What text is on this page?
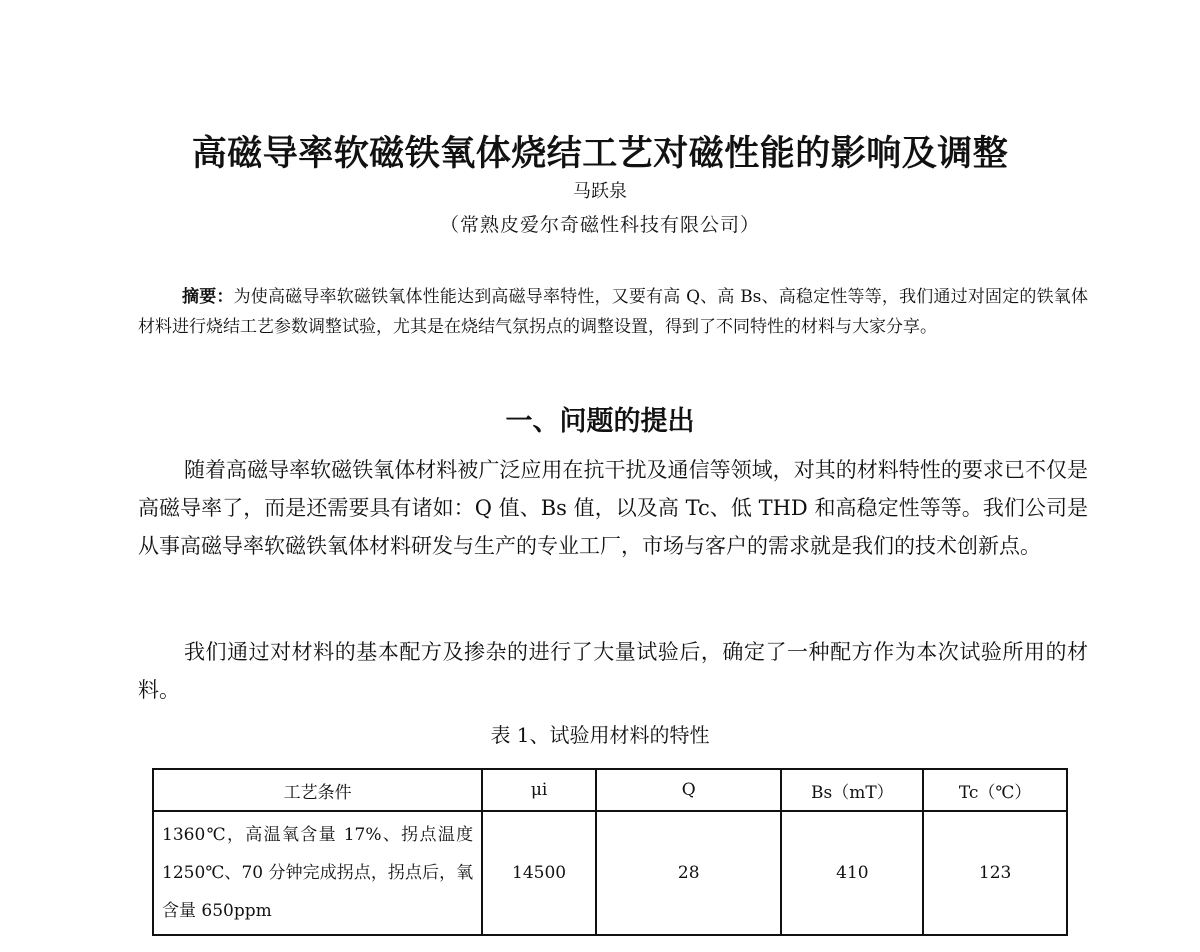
高磁导率软磁铁氧体烧结工艺对磁性能的影响及调整
马跃泉
（常熟皮爱尔奇磁性科技有限公司）
摘要：为使高磁导率软磁铁氧体性能达到高磁导率特性，又要有高 Q、高 Bs、高稳定性等等，我们通过对固定的铁氧体材料进行烧结工艺参数调整试验，尤其是在烧结气氛拐点的调整设置，得到了不同特性的材料与大家分享。
一、问题的提出
随着高磁导率软磁铁氧体材料被广泛应用在抗干扰及通信等领域，对其的材料特性的要求已不仅是高磁导率了，而是还需要具有诸如：Q 值、Bs 值，以及高 Tc、低 THD 和高稳定性等等。我们公司是从事高磁导率软磁铁氧体材料研发与生产的专业工厂，市场与客户的需求就是我们的技术创新点。
我们通过对材料的基本配方及掺杂的进行了大量试验后，确定了一种配方作为本次试验所用的材料。
表 1、试验用材料的特性
工艺条件	μi	Q	Bs（mT）	Tc（℃）
1360℃，高温氧含量 17%、拐点温度 1250℃、70 分钟完成拐点，拐点后，氧含量 650ppm	14500	28	410	123
